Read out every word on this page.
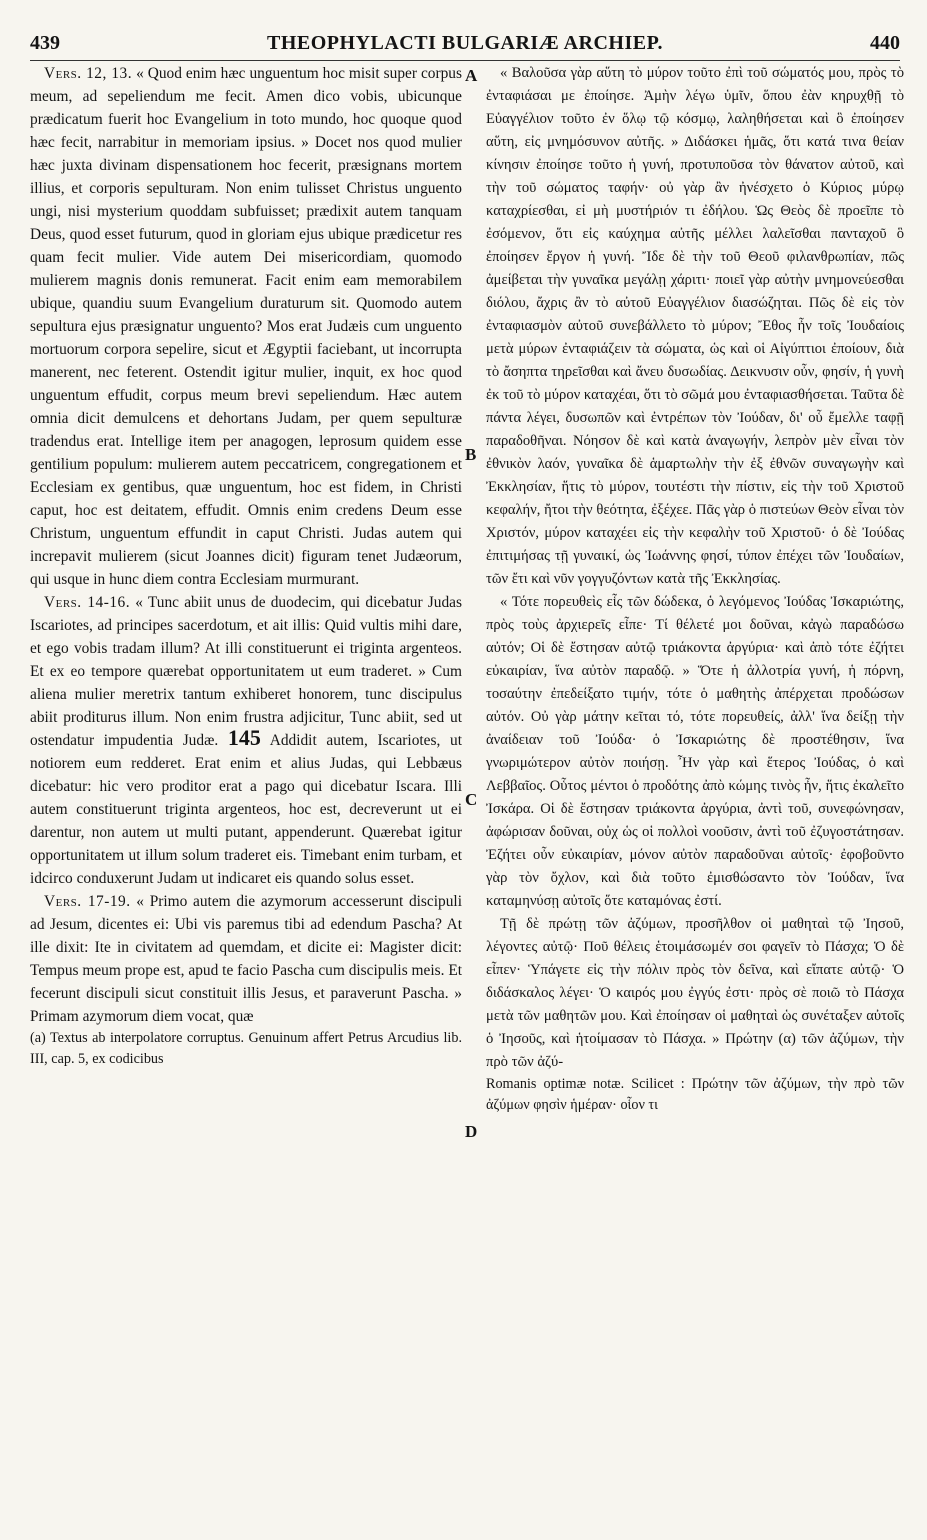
439	THEOPHYLACTI BULGARIÆ ARCHIEP.	440
A
B
C
D

Vers. 12, 13. « Quod enim hæc unguentum hoc misit super corpus meum, ad sepeliendum me fecit. Amen dico vobis, ubicunque prædicatum fuerit hoc Evangelium in toto mundo, hoc quoque quod hæc fecit, narrabitur in memoriam ipsius. » Docet nos quod mulier hæc juxta divinam dispensationem hoc fecerit, præsignans mortem illius, et corporis sepulturam. Non enim tulisset Christus unguento ungi, nisi mysterium quoddam subfuisset; prædixit autem tanquam Deus, quod esset futurum, quod in gloriam ejus ubique prædicetur res quam fecit mulier. Vide autem Dei misericordiam, quomodo mulierem magnis donis remunerat. Facit enim eam memorabilem ubique, quandiu suum Evangelium duraturum sit. Quomodo autem sepultura ejus præsignatur unguento? Mos erat Judæis cum unguento mortuorum corpora sepelire, sicut et Ægyptii faciebant, ut incorrupta manerent, nec feterent. Ostendit igitur mulier, inquit, ex hoc quod unguentum effudit, corpus meum brevi sepeliendum. Hæc autem omnia dicit demulcens et dehortans Judam, per quem sepulturæ tradendus erat. Intellige item per anagogen, leprosum quidem esse gentilium populum: mulierem autem peccatricem, congregationem et Ecclesiam ex gentibus, quæ unguentum, hoc est fidem, in Christi caput, hoc est deitatem, effudit. Omnis enim credens Deum esse Christum, unguentum effundit in caput Christi. Judas autem qui increpavit mulierem (sicut Joannes dicit) figuram tenet Judæorum, qui usque in hunc diem contra Ecclesiam murmurant.

Vers. 14-16. « Tunc abiit unus de duodecim, qui dicebatur Judas Iscariotes, ad principes sacerdotum, et ait illis: Quid vultis mihi dare, et ego vobis tradam illum? At illi constituerunt ei triginta argenteos. Et ex eo tempore quærebat opportunitatem ut eum traderet. » Cum aliena mulier meretrix tantum exhiberet honorem, tunc discipulus abiit proditurus illum. Non enim frustra adjicitur, Tunc abiit, sed ut ostendatur impudentia Judæ. 145 Addidit autem, Iscariotes, ut notiorem eum redderet. Erat enim et alius Judas, qui Lebbæus dicebatur: hic vero proditor erat a pago qui dicebatur Iscara. Illi autem constituerunt triginta argenteos, hoc est, decreverunt ut ei darentur, non autem ut multi putant, appenderunt. Quærebat igitur opportunitatem ut illum solum traderet eis. Timebant enim turbam, et idcirco conduxerunt Judam ut indicaret eis quando solus esset.

Vers. 17-19. « Primo autem die azymorum accesserunt discipuli ad Jesum, dicentes ei: Ubi vis paremus tibi ad edendum Pascha? At ille dixit: Ite in civitatem ad quemdam, et dicite ei: Magister dicit: Tempus meum prope est, apud te facio Pascha cum discipulis meis. Et fecerunt discipuli sicut constituit illis Jesus, et paraverunt Pascha. » Primam azymorum diem vocat, quæ

(a) Textus ab interpolatore corruptus. Genuinum affert Petrus Arcudius lib. III, cap. 5, ex codicibus

« Βαλοῦσα γὰρ αὕτη τὸ μύρον τοῦτο ἐπὶ τοῦ σώματός μου, πρὸς τὸ ἐνταφιάσαι με ἐποίησε. Ἀμὴν λέγω ὑμῖν, ὅπου ἐὰν κηρυχθῇ τὸ Εὐαγγέλιον τοῦτο ἐν ὅλῳ τῷ κόσμῳ, λαληθήσεται καὶ ὃ ἐποίησεν αὕτη, εἰς μνημόσυνον αὐτῆς. » Διδάσκει ἡμᾶς, ὅτι κατά τινα θείαν κίνησιν ἐποίησε τοῦτο ἡ γυνή, προτυποῦσα τὸν θάνατον αὐτοῦ, καὶ τὴν τοῦ σώματος ταφήν· οὐ γὰρ ἂν ἠνέσχετο ὁ Κύριος μύρῳ καταχρίεσθαι, εἰ μὴ μυστήριόν τι ἐδήλου. Ὡς Θεὸς δὲ προεῖπε τὸ ἐσόμενον, ὅτι εἰς καύχημα αὐτῆς μέλλει λαλεῖσθαι πανταχοῦ ὃ ἐποίησεν ἔργον ἡ γυνή. Ἴδε δὲ τὴν τοῦ Θεοῦ φιλανθρωπίαν, πῶς ἀμείβεται τὴν γυναῖκα μεγάλῃ χάριτι· ποιεῖ γὰρ αὐτὴν μνημονεύεσθαι διόλου, ἄχρις ἂν τὸ αὐτοῦ Εὐαγγέλιον διασώζηται. Πῶς δὲ εἰς τὸν ἐνταφιασμὸν αὐτοῦ συνεβάλλετο τὸ μύρον; Ἔθος ἦν τοῖς Ἰουδαίοις μετὰ μύρων ἐνταφιάζειν τὰ σώματα, ὡς καὶ οἱ Αἰγύπτιοι ἐποίουν, διὰ τὸ ἄσηπτα τηρεῖσθαι καὶ ἄνευ δυσωδίας. Δεικνυσιν οὖν, φησίν, ἡ γυνὴ ἐκ τοῦ τὸ μύρον καταχέαι, ὅτι τὸ σῶμά μου ἐνταφιασθήσεται. Ταῦτα δὲ πάντα λέγει, δυσωπῶν καὶ ἐντρέπων τὸν Ἰούδαν, δι' οὗ ἔμελλε ταφῇ παραδοθῆναι. Νόησον δὲ καὶ κατὰ ἀναγωγήν, λεπρὸν μὲν εἶναι τὸν ἐθνικὸν λαόν, γυναῖκα δὲ ἁμαρτωλὴν τὴν ἐξ ἐθνῶν συναγωγὴν καὶ Ἐκκλησίαν, ἥτις τὸ μύρον, τουτέστι τὴν πίστιν, εἰς τὴν τοῦ Χριστοῦ κεφαλήν, ἤτοι τὴν θεότητα, ἐξέχεε. Πᾶς γὰρ ὁ πιστεύων Θεὸν εἶναι τὸν Χριστόν, μύρον καταχέει εἰς τὴν κεφαλὴν τοῦ Χριστοῦ· ὁ δὲ Ἰούδας ἐπιτιμήσας τῇ γυναικί, ὡς Ἰωάννης φησί, τύπον ἐπέχει τῶν Ἰουδαίων, τῶν ἔτι καὶ νῦν γογγυζόντων κατὰ τῆς Ἐκκλησίας.

« Τότε πορευθεὶς εἷς τῶν δώδεκα, ὁ λεγόμενος Ἰούδας Ἰσκαριώτης, πρὸς τοὺς ἀρχιερεῖς εἶπε· Τί θέλετέ μοι δοῦναι, κἀγὼ παραδώσω αὐτόν; Οἱ δὲ ἔστησαν αὐτῷ τριάκοντα ἀργύρια· καὶ ἀπὸ τότε ἐζήτει εὐκαιρίαν, ἵνα αὐτὸν παραδῷ. » Ὅτε ἡ ἀλλοτρία γυνή, ἡ πόρνη, τοσαύτην ἐπεδείξατο τιμήν, τότε ὁ μαθητὴς ἀπέρχεται προδώσων αὐτόν. Οὐ γὰρ μάτην κεῖται τό, τότε πορευθείς, ἀλλ' ἵνα δείξῃ τὴν ἀναίδειαν τοῦ Ἰούδα· ὁ Ἰσκαριώτης δὲ προστέθησιν, ἵνα γνωριμώτερον αὐτὸν ποιήσῃ. Ἦν γὰρ καὶ ἕτερος Ἰούδας, ὁ καὶ Λεββαῖος. Οὗτος μέντοι ὁ προδότης ἀπὸ κώμης τινὸς ἦν, ἥτις ἐκαλεῖτο Ἰσκάρα. Οἱ δὲ ἔστησαν τριάκοντα ἀργύρια, ἀντὶ τοῦ, συνεφώνησαν, ἀφώρισαν δοῦναι, οὐχ ὡς οἱ πολλοὶ νοοῦσιν, ἀντὶ τοῦ ἐζυγοστάτησαν. Ἐζήτει οὖν εὐκαιρίαν, μόνον αὐτὸν παραδοῦναι αὐτοῖς· ἐφοβοῦντο γὰρ τὸν ὄχλον, καὶ διὰ τοῦτο ἐμισθώσαντο τὸν Ἰούδαν, ἵνα καταμηνύσῃ αὐτοῖς ὅτε καταμόνας ἐστί.

Τῇ δὲ πρώτῃ τῶν ἀζύμων, προσῆλθον οἱ μαθηταὶ τῷ Ἰησοῦ, λέγοντες αὐτῷ· Ποῦ θέλεις ἑτοιμάσωμέν σοι φαγεῖν τὸ Πάσχα; Ὁ δὲ εἶπεν· Ὑπάγετε εἰς τὴν πόλιν πρὸς τὸν δεῖνα, καὶ εἴπατε αὐτῷ· Ὁ διδάσκαλος λέγει· Ὁ καιρός μου ἐγγύς ἐστι· πρὸς σὲ ποιῶ τὸ Πάσχα μετὰ τῶν μαθητῶν μου. Καὶ ἐποίησαν οἱ μαθηταὶ ὡς συνέταξεν αὐτοῖς ὁ Ἰησοῦς, καὶ ἡτοίμασαν τὸ Πάσχα. » Πρώτην (α) τῶν ἀζύμων, τὴν πρὸ τῶν ἀζύ-

Romanis optimæ notæ. Scilicet : Πρώτην τῶν ἀζύμων, τὴν πρὸ τῶν ἀζύμων φησὶν ἡμέραν· οἷον τι
